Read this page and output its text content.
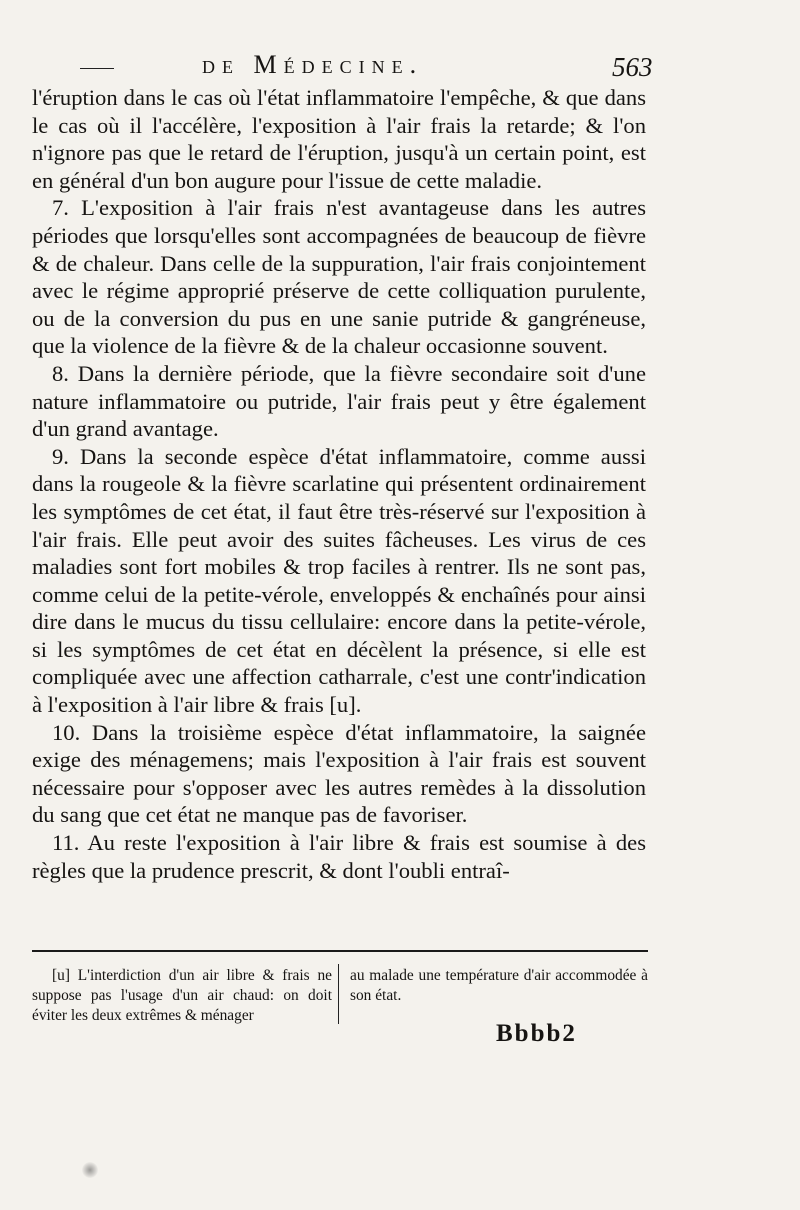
de Médecine.	563

l'éruption dans le cas où l'état inflammatoire l'empêche, & que dans le cas où il l'accélère, l'exposition à l'air frais la retarde; & l'on n'ignore pas que le retard de l'éruption, jusqu'à un certain point, est en général d'un bon augure pour l'issue de cette maladie.

7. L'exposition à l'air frais n'est avantageuse dans les autres périodes que lorsqu'elles sont accompagnées de beaucoup de fièvre & de chaleur. Dans celle de la suppuration, l'air frais conjointement avec le régime approprié préserve de cette colliquation purulente, ou de la conversion du pus en une sanie putride & gangréneuse, que la violence de la fièvre & de la chaleur occasionne souvent.

8. Dans la dernière période, que la fièvre secondaire soit d'une nature inflammatoire ou putride, l'air frais peut y être également d'un grand avantage.

9. Dans la seconde espèce d'état inflammatoire, comme aussi dans la rougeole & la fièvre scarlatine qui présentent ordinairement les symptômes de cet état, il faut être très-réservé sur l'exposition à l'air frais. Elle peut avoir des suites fâcheuses. Les virus de ces maladies sont fort mobiles & trop faciles à rentrer. Ils ne sont pas, comme celui de la petite-vérole, enveloppés & enchaînés pour ainsi dire dans le mucus du tissu cellulaire: encore dans la petite-vérole, si les symptômes de cet état en décèlent la présence, si elle est compliquée avec une affection catharrale, c'est une contr'indication à l'exposition à l'air libre & frais [u].

10. Dans la troisième espèce d'état inflammatoire, la saignée exige des ménagemens; mais l'exposition à l'air frais est souvent nécessaire pour s'opposer avec les autres remèdes à la dissolution du sang que cet état ne manque pas de favoriser.

11. Au reste l'exposition à l'air libre & frais est soumise à des règles que la prudence prescrit, & dont l'oubli entraî-

[u] L'interdiction d'un air libre & frais ne suppose pas l'usage d'un air chaud: on doit éviter les deux extrêmes & ménager
au malade une température d'air accommodée à son état.
Bbbb2
